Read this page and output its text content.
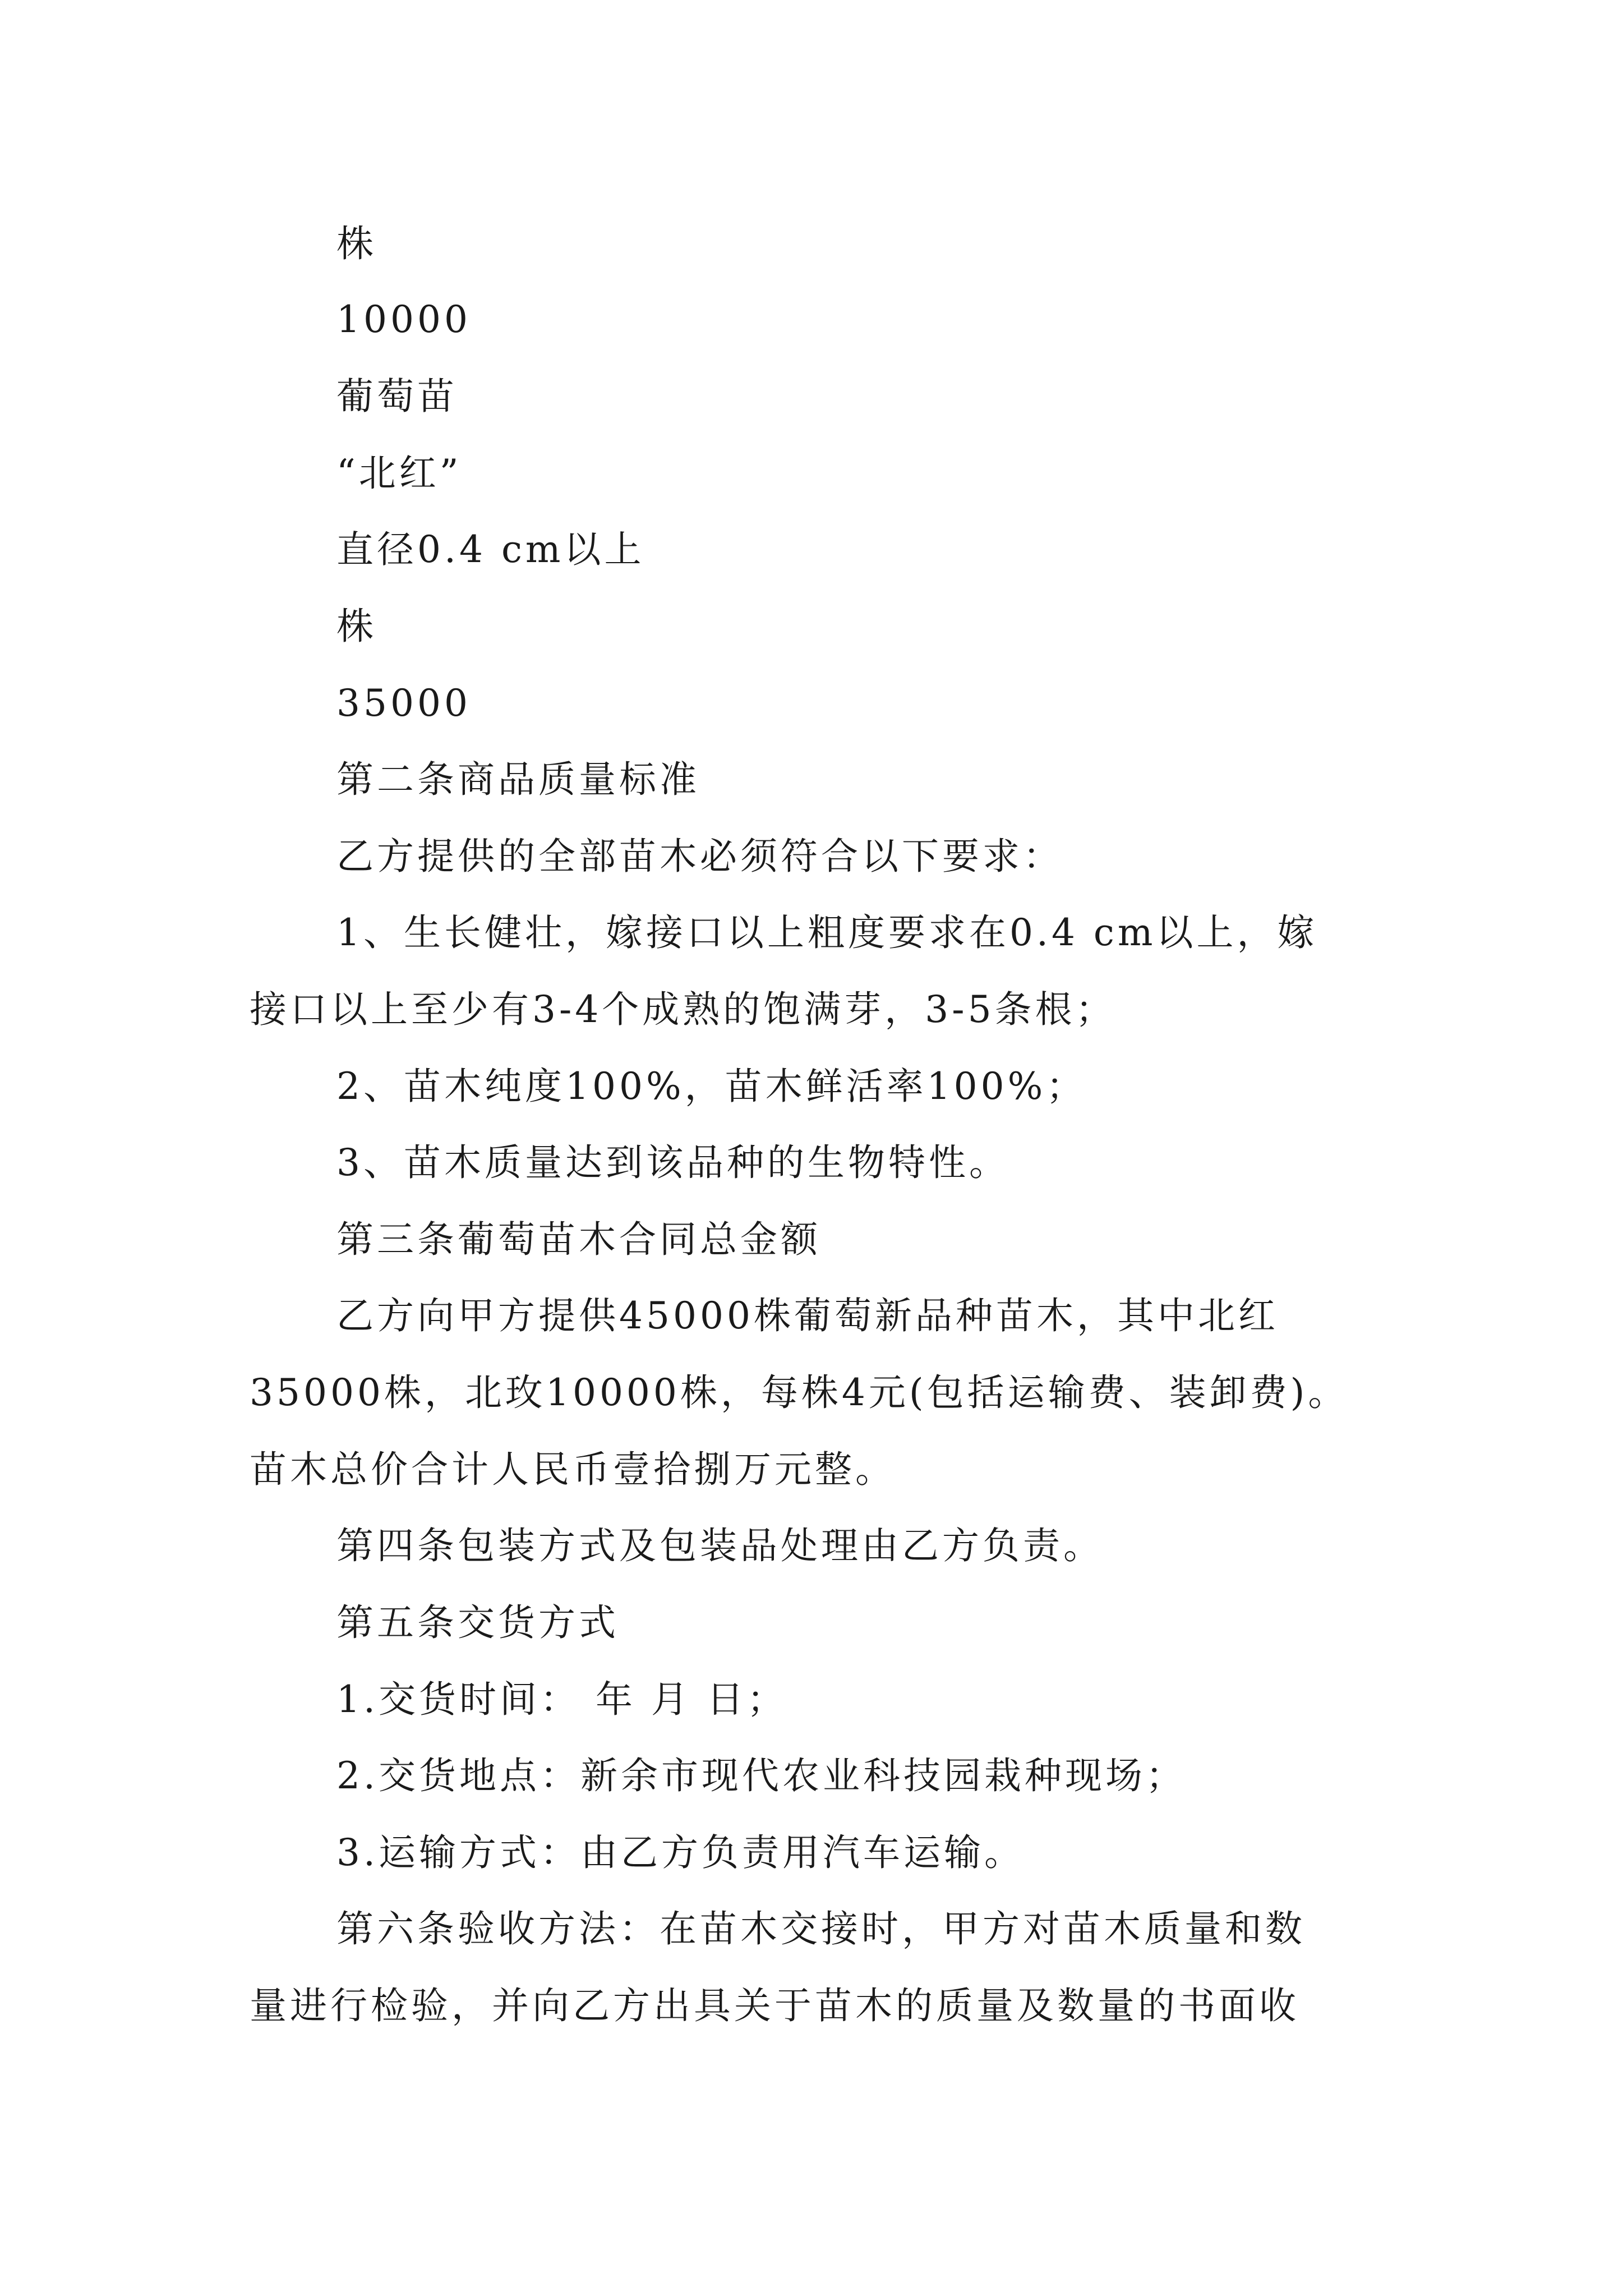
株
10000
葡萄苗
“北红”
直径0.4 cm以上
株
35000
第二条商品质量标准
乙方提供的全部苗木必须符合以下要求：
1、生长健壮，嫁接口以上粗度要求在0.4 cm以上，嫁
接口以上至少有3-4个成熟的饱满芽，3-5条根；
2、苗木纯度100%，苗木鲜活率100%；
3、苗木质量达到该品种的生物特性。
第三条葡萄苗木合同总金额
乙方向甲方提供45000株葡萄新品种苗木，其中北红
35000株，北玫10000株，每株4元(包括运输费、装卸费)。
苗木总价合计人民币壹拾捌万元整。
第四条包装方式及包装品处理由乙方负责。
第五条交货方式
1.交货时间： 年 月 日；
2.交货地点：新余市现代农业科技园栽种现场；
3.运输方式：由乙方负责用汽车运输。
第六条验收方法：在苗木交接时，甲方对苗木质量和数
量进行检验，并向乙方出具关于苗木的质量及数量的书面收
